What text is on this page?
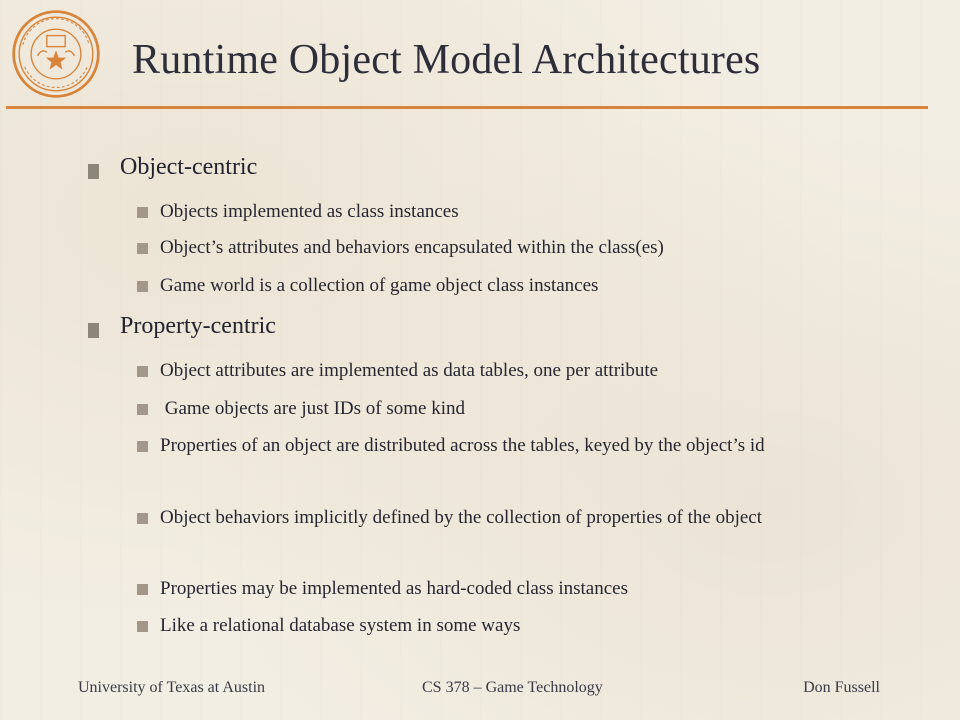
Runtime Object Model Architectures
Object-centric
Objects implemented as class instances
Object’s attributes and behaviors encapsulated within the class(es)
Game world is a collection of game object class instances
Property-centric
Object attributes are implemented as data tables, one per attribute
Game objects are just IDs of some kind
Properties of an object are distributed across the tables, keyed by the object’s id
Object behaviors implicitly defined by the collection of properties of the object
Properties may be implemented as hard-coded class instances
Like a relational database system in some ways
University of Texas at Austin	CS 378 – Game Technology	Don Fussell
